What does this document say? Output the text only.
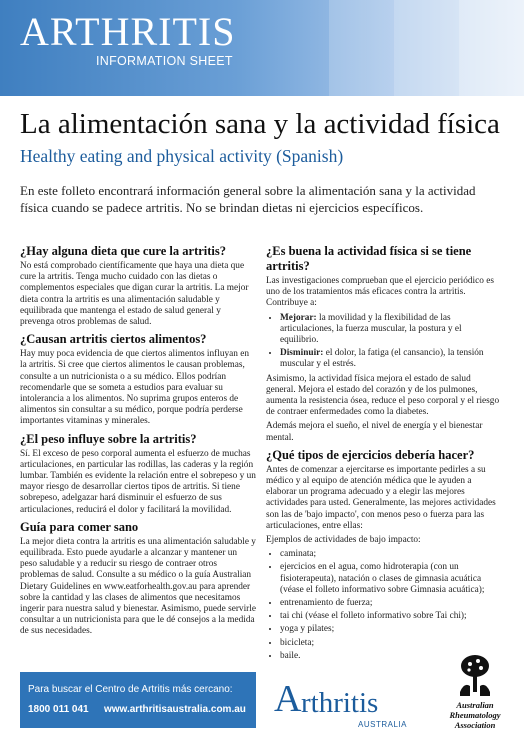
ARTHRITIS
INFORMATION SHEET
La alimentación sana y la actividad física
Healthy eating and physical activity (Spanish)

En este folleto encontrará información general sobre la alimentación sana y la actividad física cuando se padece artritis. No se brindan dietas ni ejercicios específicos.

¿Hay alguna dieta que cure la artritis?

No está comprobado científicamente que haya una dieta que cure la artritis. Tenga mucho cuidado con las dietas o complementos especiales que digan curar la artritis. La mejor dieta contra la artritis es una alimentación saludable y equilibrada que mantenga el estado de salud general y prevenga otros problemas de salud.

¿Causan artritis ciertos alimentos?

Hay muy poca evidencia de que ciertos alimentos influyan en la artritis. Si cree que ciertos alimentos le causan problemas, consulte a un nutricionista o a su médico. Ellos podrían recomendarle que se someta a estudios para evaluar su intolerancia a los alimentos. No suprima grupos enteros de alimentos sin consultar a su médico, porque podría perderse importantes vitaminas y minerales.

¿El peso influye sobre la artritis?

Sí. El exceso de peso corporal aumenta el esfuerzo de muchas articulaciones, en particular las rodillas, las caderas y la región lumbar. También es evidente la relación entre el sobrepeso y un mayor riesgo de desarrollar ciertos tipos de artritis. Si tiene sobrepeso, adelgazar hará disminuir el esfuerzo de sus articulaciones, reducirá el dolor y facilitará la movilidad.

Guía para comer sano

La mejor dieta contra la artritis es una alimentación saludable y equilibrada. Esto puede ayudarle a alcanzar y mantener un peso saludable y a reducir su riesgo de contraer otros problemas de salud. Consulte a su médico o la guía Australian Dietary Guidelines en www.eatforhealth.gov.au para aprender sobre la cantidad y las clases de alimentos que necesitamos ingerir para nuestra salud y bienestar. Asimismo, puede servirle consultar a un nutricionista para que le dé consejos a la medida de sus necesidades.

¿Es buena la actividad física si se tiene artritis?

Las investigaciones comprueban que el ejercicio periódico es uno de los tratamientos más eficaces contra la artritis. Contribuye a:

• Mejorar: la movilidad y la flexibilidad de las articulaciones, la fuerza muscular, la postura y el equilibrio.
• Disminuir: el dolor, la fatiga (el cansancio), la tensión muscular y el estrés.

Asimismo, la actividad física mejora el estado de salud general. Mejora el estado del corazón y de los pulmones, aumenta la resistencia ósea, reduce el peso corporal y el riesgo de contraer enfermedades como la diabetes.

Además mejora el sueño, el nivel de energía y el bienestar mental.

¿Qué tipos de ejercicios debería hacer?

Antes de comenzar a ejercitarse es importante pedirles a su médico y al equipo de atención médica que le ayuden a elaborar un programa adecuado y a elegir las mejores actividades para usted. Generalmente, las mejores actividades son las de 'bajo impacto', con menos peso o fuerza para las articulaciones, entre ellas:

Ejemplos de actividades de bajo impacto:

• caminata;
• ejercicios en el agua, como hidroterapia (con un fisioterapeuta), natación o clases de gimnasia acuática (véase el folleto informativo sobre Gimnasia acuática);
• entrenamiento de fuerza;
• tai chi (véase el folleto informativo sobre Tai chi);
• yoga y pilates;
• bicicleta;
• baile.
Para buscar el Centro de Artritis más cercano:
1800 011 041 www.arthritisaustralia.com.au A rthritis
AUSTRALIA
Australian
Rheumatology
Association
